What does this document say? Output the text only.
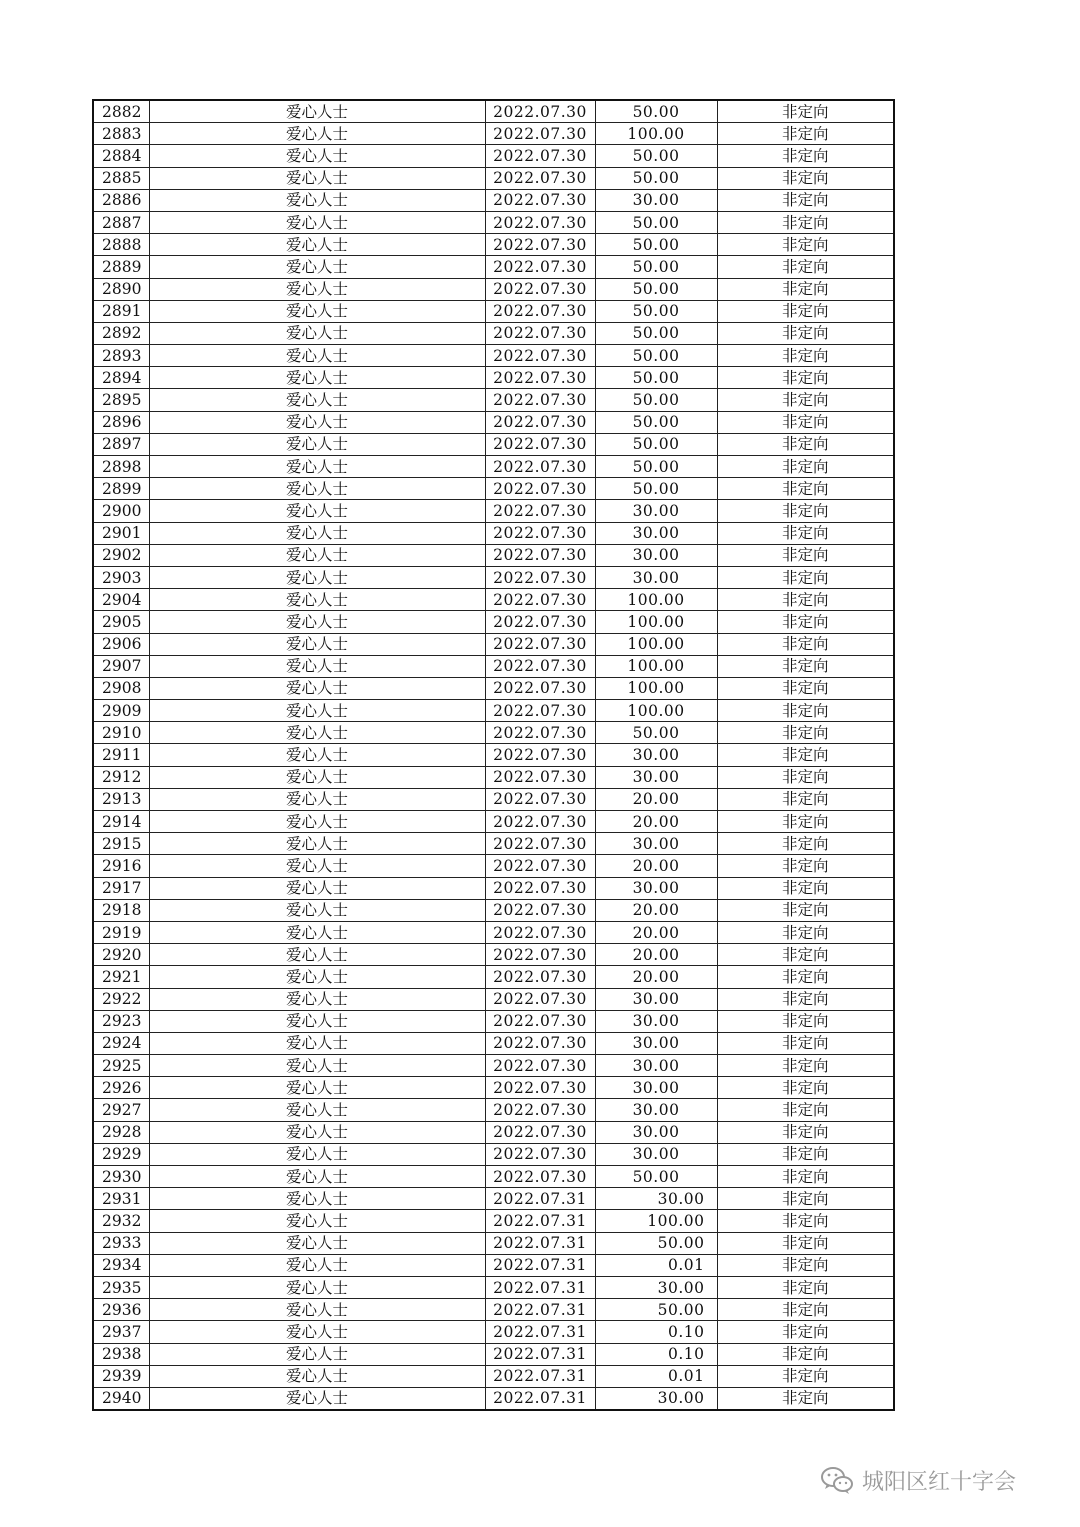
2882	爱心人士	2022.07.30	50.00	非定向
2883	爱心人士	2022.07.30	100.00	非定向
2884	爱心人士	2022.07.30	50.00	非定向
2885	爱心人士	2022.07.30	50.00	非定向
2886	爱心人士	2022.07.30	30.00	非定向
2887	爱心人士	2022.07.30	50.00	非定向
2888	爱心人士	2022.07.30	50.00	非定向
2889	爱心人士	2022.07.30	50.00	非定向
2890	爱心人士	2022.07.30	50.00	非定向
2891	爱心人士	2022.07.30	50.00	非定向
2892	爱心人士	2022.07.30	50.00	非定向
2893	爱心人士	2022.07.30	50.00	非定向
2894	爱心人士	2022.07.30	50.00	非定向
2895	爱心人士	2022.07.30	50.00	非定向
2896	爱心人士	2022.07.30	50.00	非定向
2897	爱心人士	2022.07.30	50.00	非定向
2898	爱心人士	2022.07.30	50.00	非定向
2899	爱心人士	2022.07.30	50.00	非定向
2900	爱心人士	2022.07.30	30.00	非定向
2901	爱心人士	2022.07.30	30.00	非定向
2902	爱心人士	2022.07.30	30.00	非定向
2903	爱心人士	2022.07.30	30.00	非定向
2904	爱心人士	2022.07.30	100.00	非定向
2905	爱心人士	2022.07.30	100.00	非定向
2906	爱心人士	2022.07.30	100.00	非定向
2907	爱心人士	2022.07.30	100.00	非定向
2908	爱心人士	2022.07.30	100.00	非定向
2909	爱心人士	2022.07.30	100.00	非定向
2910	爱心人士	2022.07.30	50.00	非定向
2911	爱心人士	2022.07.30	30.00	非定向
2912	爱心人士	2022.07.30	30.00	非定向
2913	爱心人士	2022.07.30	20.00	非定向
2914	爱心人士	2022.07.30	20.00	非定向
2915	爱心人士	2022.07.30	30.00	非定向
2916	爱心人士	2022.07.30	20.00	非定向
2917	爱心人士	2022.07.30	30.00	非定向
2918	爱心人士	2022.07.30	20.00	非定向
2919	爱心人士	2022.07.30	20.00	非定向
2920	爱心人士	2022.07.30	20.00	非定向
2921	爱心人士	2022.07.30	20.00	非定向
2922	爱心人士	2022.07.30	30.00	非定向
2923	爱心人士	2022.07.30	30.00	非定向
2924	爱心人士	2022.07.30	30.00	非定向
2925	爱心人士	2022.07.30	30.00	非定向
2926	爱心人士	2022.07.30	30.00	非定向
2927	爱心人士	2022.07.30	30.00	非定向
2928	爱心人士	2022.07.30	30.00	非定向
2929	爱心人士	2022.07.30	30.00	非定向
2930	爱心人士	2022.07.30	50.00	非定向
2931	爱心人士	2022.07.31	30.00	非定向
2932	爱心人士	2022.07.31	100.00	非定向
2933	爱心人士	2022.07.31	50.00	非定向
2934	爱心人士	2022.07.31	0.01	非定向
2935	爱心人士	2022.07.31	30.00	非定向
2936	爱心人士	2022.07.31	50.00	非定向
2937	爱心人士	2022.07.31	0.10	非定向
2938	爱心人士	2022.07.31	0.10	非定向
2939	爱心人士	2022.07.31	0.01	非定向
2940	爱心人士	2022.07.31	30.00	非定向
城阳区红十字会
